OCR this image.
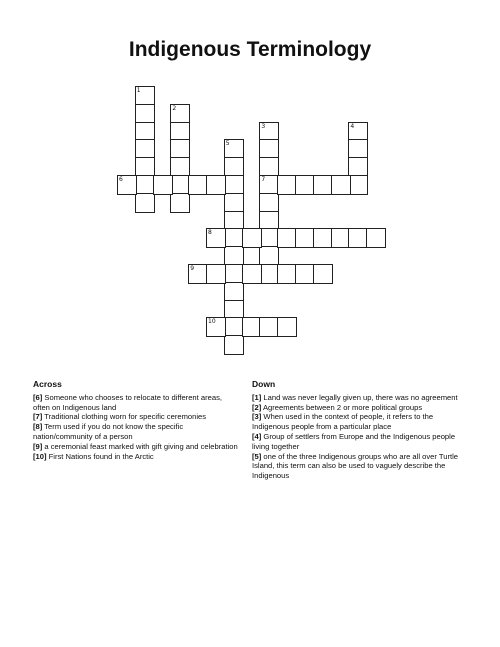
Indigenous Terminology
1
2
3
7
4
5
6
8
9
10
Across
[6] Someone who chooses to relocate to different areas, often on Indigenous land
[7] Traditional clothing worn for specific ceremonies
[8] Term used if you do not know the specific nation/community of a person
[9] a ceremonial feast marked with gift giving and celebration
[10] First Nations found in the Arctic
Down
[1] Land was never legally given up, there was no agreement
[2] Agreements between 2 or more political groups
[3] When used in the context of people, it refers to the Indigenous people from a particular place
[4] Group of settlers from Europe and the Indigenous people living together
[5] one of the three Indigenous groups who are all over Turtle Island, this term can also be used to vaguely describe the Indigenous
